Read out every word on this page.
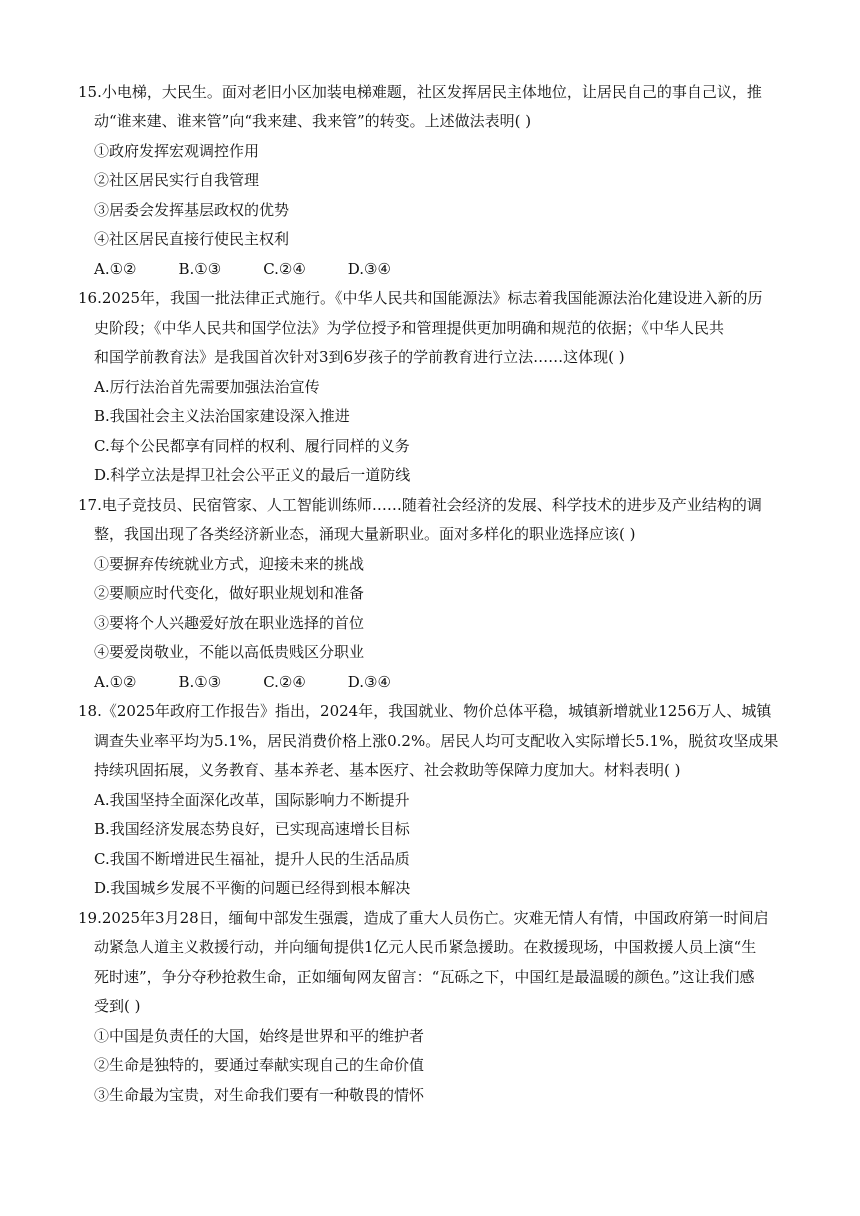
15.小电梯，大民生。面对老旧小区加装电梯难题，社区发挥居民主体地位，让居民自己的事自己议，推
动“谁来建、谁来管”向“我来建、我来管”的转变。上述做法表明( )
①政府发挥宏观调控作用
②社区居民实行自我管理
③居委会发挥基层政权的优势
④社区居民直接行使民主权利
A.①②	B.①③	C.②④	D.③④
16.2025年，我国一批法律正式施行。《中华人民共和国能源法》标志着我国能源法治化建设进入新的历
史阶段；《中华人民共和国学位法》为学位授予和管理提供更加明确和规范的依据；《中华人民共
和国学前教育法》是我国首次针对3到6岁孩子的学前教育进行立法……这体现( )
A.厉行法治首先需要加强法治宣传
B.我国社会主义法治国家建设深入推进
C.每个公民都享有同样的权利、履行同样的义务
D.科学立法是捍卫社会公平正义的最后一道防线
17.电子竞技员、民宿管家、人工智能训练师……随着社会经济的发展、科学技术的进步及产业结构的调
整，我国出现了各类经济新业态，涌现大量新职业。面对多样化的职业选择应该( )
①要摒弃传统就业方式，迎接未来的挑战
②要顺应时代变化，做好职业规划和准备
③要将个人兴趣爱好放在职业选择的首位
④要爱岗敬业，不能以高低贵贱区分职业
A.①②	B.①③	C.②④	D.③④
18.《2025年政府工作报告》指出，2024年，我国就业、物价总体平稳，城镇新增就业1256万人、城镇
调查失业率平均为5.1%，居民消费价格上涨0.2%。居民人均可支配收入实际增长5.1%，脱贫攻坚成果
持续巩固拓展，义务教育、基本养老、基本医疗、社会救助等保障力度加大。材料表明( )
A.我国坚持全面深化改革，国际影响力不断提升
B.我国经济发展态势良好，已实现高速增长目标
C.我国不断增进民生福祉，提升人民的生活品质
D.我国城乡发展不平衡的问题已经得到根本解决
19.2025年3月28日，缅甸中部发生强震，造成了重大人员伤亡。灾难无情人有情，中国政府第一时间启
动紧急人道主义救援行动，并向缅甸提供1亿元人民币紧急援助。在救援现场，中国救援人员上演“生
死时速”，争分夺秒抢救生命，正如缅甸网友留言：“瓦砾之下，中国红是最温暖的颜色。”这让我们感
受到( )
①中国是负责任的大国，始终是世界和平的维护者
②生命是独特的，要通过奉献实现自己的生命价值
③生命最为宝贵，对生命我们要有一种敬畏的情怀
